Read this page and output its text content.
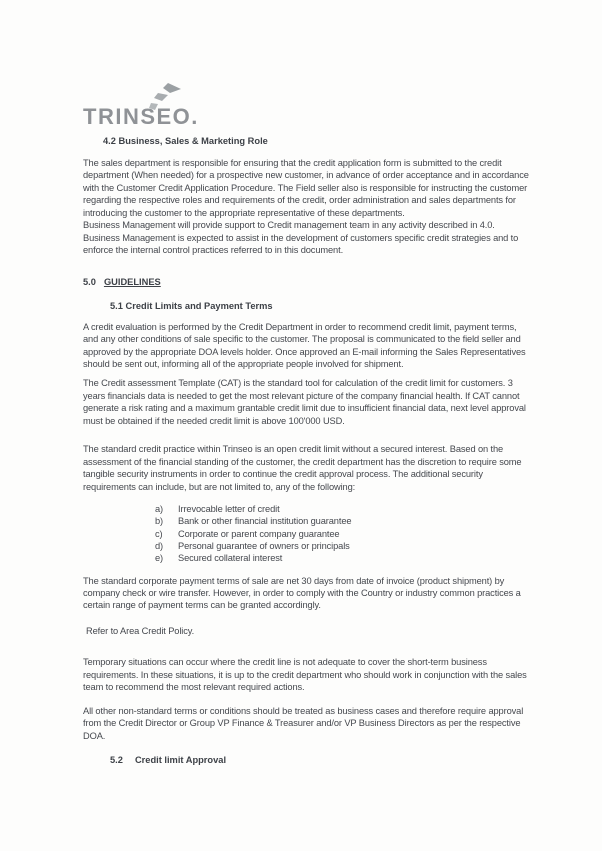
TRINSEO.
4.2 Business, Sales & Marketing Role

The sales department is responsible for ensuring that the credit application form is submitted to the credit department (When needed) for a prospective new customer, in advance of order acceptance and in accordance with the Customer Credit Application Procedure. The Field seller also is responsible for instructing the customer regarding the respective roles and requirements of the credit, order administration and sales departments for introducing the customer to the appropriate representative of these departments.

Business Management will provide support to Credit management team in any activity described in 4.0. Business Management is expected to assist in the development of customers specific credit strategies and to enforce the internal control practices referred to in this document.

5.0 GUIDELINES
5.1 Credit Limits and Payment Terms

A credit evaluation is performed by the Credit Department in order to recommend credit limit, payment terms, and any other conditions of sale specific to the customer. The proposal is communicated to the field seller and approved by the appropriate DOA levels holder. Once approved an E-mail informing the Sales Representatives should be sent out, informing all of the appropriate people involved for shipment.

The Credit assessment Template (CAT) is the standard tool for calculation of the credit limit for customers. 3 years financials data is needed to get the most relevant picture of the company financial health. If CAT cannot generate a risk rating and a maximum grantable credit limit due to insufficient financial data, next level approval must be obtained if the needed credit limit is above 100'000 USD.

The standard credit practice within Trinseo is an open credit limit without a secured interest. Based on the assessment of the financial standing of the customer, the credit department has the discretion to require some tangible security instruments in order to continue the credit approval process. The additional security requirements can include, but are not limited to, any of the following:

a)	Irrevocable letter of credit
b)	Bank or other financial institution guarantee
c)	Corporate or parent company guarantee
d)	Personal guarantee of owners or principals
e)	Secured collateral interest

The standard corporate payment terms of sale are net 30 days from date of invoice (product shipment) by company check or wire transfer. However, in order to comply with the Country or industry common practices a certain range of payment terms can be granted accordingly.

Refer to Area Credit Policy.

Temporary situations can occur where the credit line is not adequate to cover the short-term business requirements. In these situations, it is up to the credit department who should work in conjunction with the sales team to recommend the most relevant required actions.

All other non-standard terms or conditions should be treated as business cases and therefore require approval from the Credit Director or Group VP Finance & Treasurer and/or VP Business Directors as per the respective DOA.

5.2 Credit limit Approval
